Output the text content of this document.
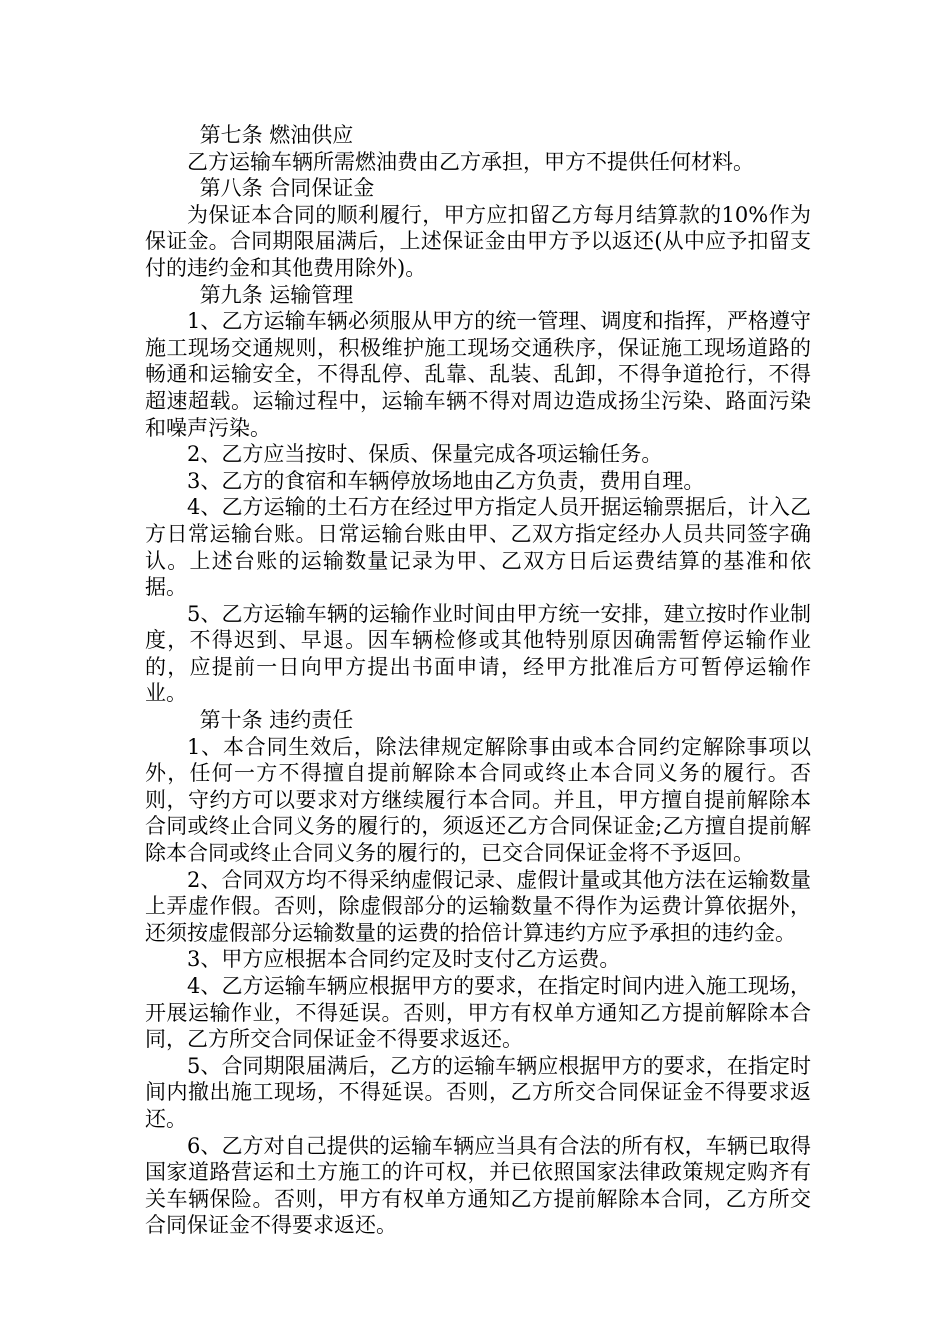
第七条 燃油供应

乙方运输车辆所需燃油费由乙方承担，甲方不提供任何材料。

第八条 合同保证金

为保证本合同的顺利履行，甲方应扣留乙方每月结算款的10%作为保证金。合同期限届满后，上述保证金由甲方予以返还(从中应予扣留支付的违约金和其他费用除外)。

第九条 运输管理

1、乙方运输车辆必须服从甲方的统一管理、调度和指挥，严格遵守施工现场交通规则，积极维护施工现场交通秩序，保证施工现场道路的畅通和运输安全，不得乱停、乱靠、乱装、乱卸，不得争道抢行，不得超速超载。运输过程中，运输车辆不得对周边造成扬尘污染、路面污染和噪声污染。

2、乙方应当按时、保质、保量完成各项运输任务。

3、乙方的食宿和车辆停放场地由乙方负责，费用自理。

4、乙方运输的土石方在经过甲方指定人员开据运输票据后，计入乙方日常运输台账。日常运输台账由甲、乙双方指定经办人员共同签字确认。上述台账的运输数量记录为甲、乙双方日后运费结算的基准和依据。

5、乙方运输车辆的运输作业时间由甲方统一安排，建立按时作业制度，不得迟到、早退。因车辆检修或其他特别原因确需暂停运输作业的，应提前一日向甲方提出书面申请，经甲方批准后方可暂停运输作业。

第十条 违约责任

1、本合同生效后，除法律规定解除事由或本合同约定解除事项以外，任何一方不得擅自提前解除本合同或终止本合同义务的履行。否则，守约方可以要求对方继续履行本合同。并且，甲方擅自提前解除本合同或终止合同义务的履行的，须返还乙方合同保证金;乙方擅自提前解除本合同或终止合同义务的履行的，已交合同保证金将不予返回。

2、合同双方均不得采纳虚假记录、虚假计量或其他方法在运输数量上弄虚作假。否则，除虚假部分的运输数量不得作为运费计算依据外，还须按虚假部分运输数量的运费的拾倍计算违约方应予承担的违约金。

3、甲方应根据本合同约定及时支付乙方运费。

4、乙方运输车辆应根据甲方的要求，在指定时间内进入施工现场，开展运输作业，不得延误。否则，甲方有权单方通知乙方提前解除本合同，乙方所交合同保证金不得要求返还。

5、合同期限届满后，乙方的运输车辆应根据甲方的要求，在指定时间内撤出施工现场，不得延误。否则，乙方所交合同保证金不得要求返还。

6、乙方对自己提供的运输车辆应当具有合法的所有权，车辆已取得国家道路营运和土方施工的许可权，并已依照国家法律政策规定购齐有关车辆保险。否则，甲方有权单方通知乙方提前解除本合同，乙方所交合同保证金不得要求返还。
